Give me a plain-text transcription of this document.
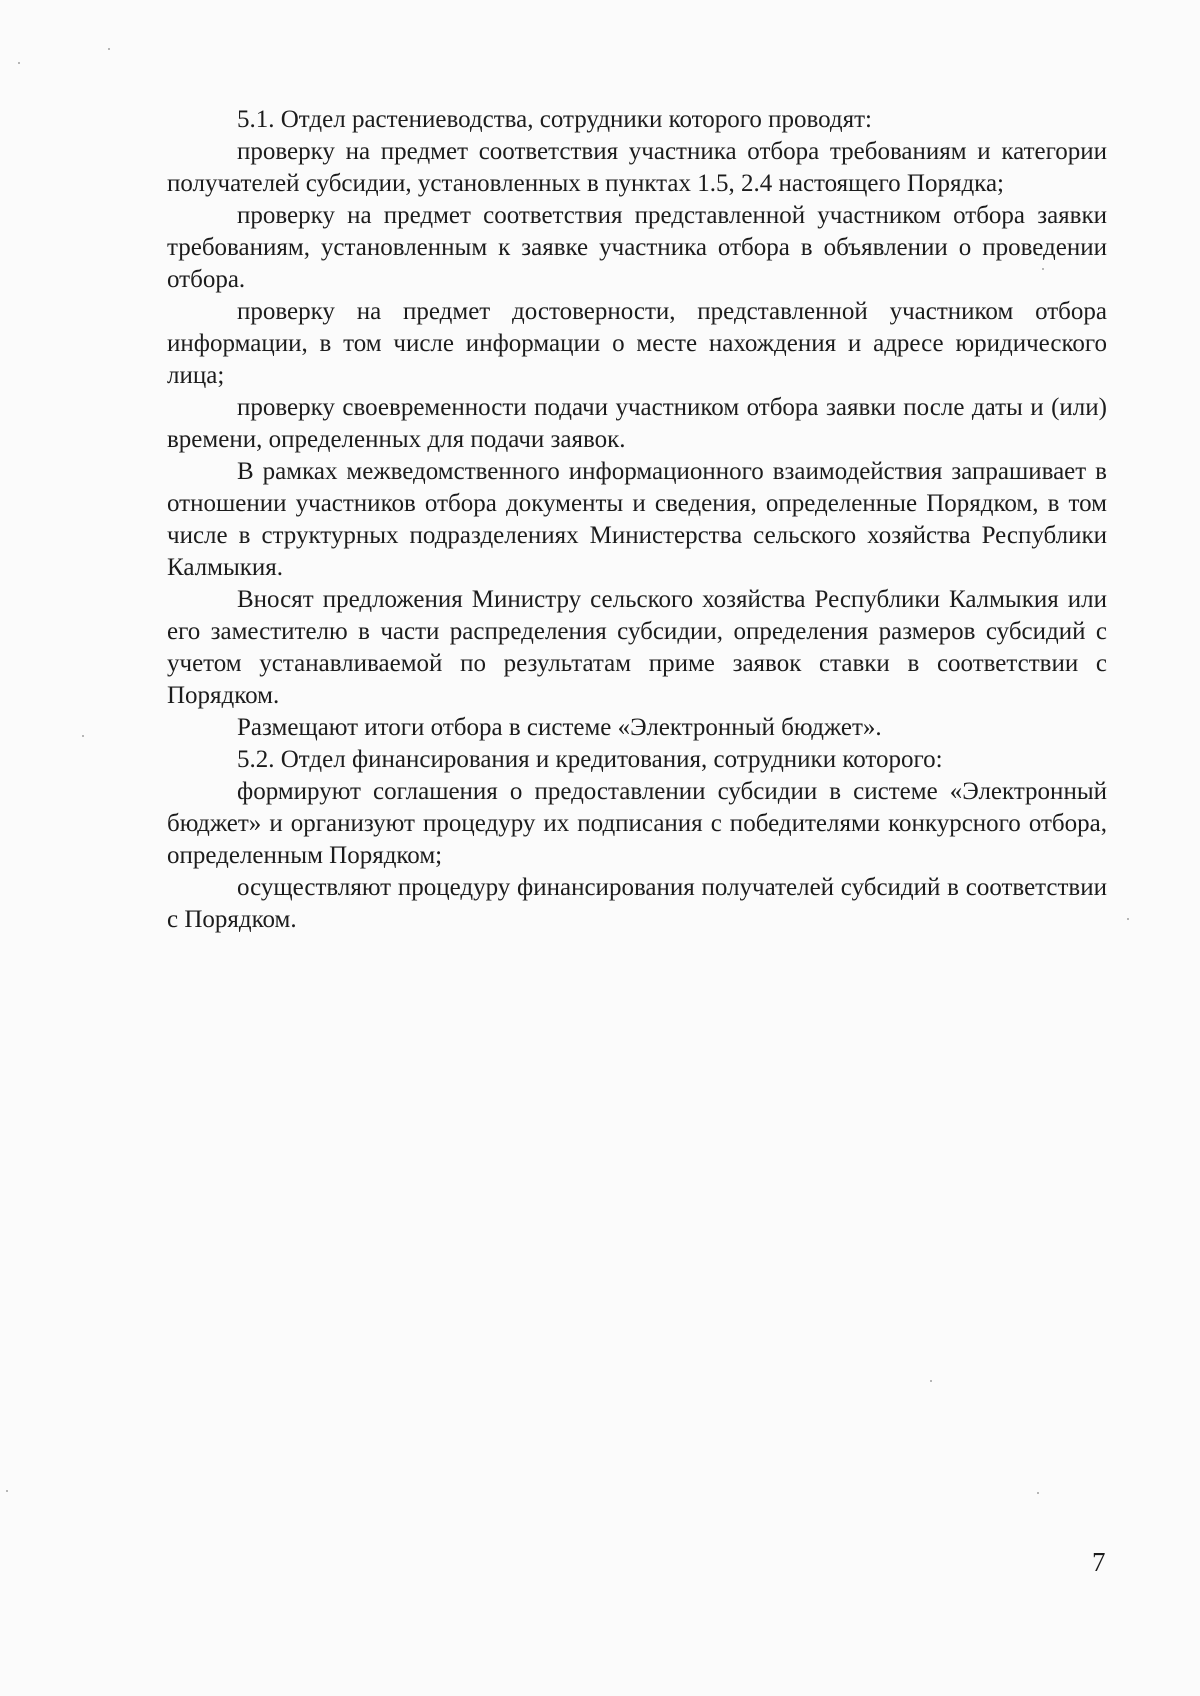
5.1. Отдел растениеводства, сотрудники которого проводят:

проверку на предмет соответствия участника отбора требованиям и категории получателей субсидии, установленных в пунктах 1.5, 2.4 настоящего Порядка;

проверку на предмет соответствия представленной участником отбора заявки требованиям, установленным к заявке участника отбора в объявлении о проведении отбора.

проверку на предмет достоверности, представленной участником отбора информации, в том числе информации о месте нахождения и адресе юридического лица;

проверку своевременности подачи участником отбора заявки после даты и (или) времени, определенных для подачи заявок.

В рамках межведомственного информационного взаимодействия запрашивает в отношении участников отбора документы и сведения, определенные Порядком, в том числе в структурных подразделениях Министерства сельского хозяйства Республики Калмыкия.

Вносят предложения Министру сельского хозяйства Республики Калмыкия или его заместителю в части распределения субсидии, определения размеров субсидий с учетом устанавливаемой по результатам приме заявок ставки в соответствии с Порядком.

Размещают итоги отбора в системе «Электронный бюджет».

5.2. Отдел финансирования и кредитования, сотрудники которого:

формируют соглашения о предоставлении субсидии в системе «Электронный бюджет» и организуют процедуру их подписания с победителями конкурсного отбора, определенным Порядком;

осуществляют процедуру финансирования получателей субсидий в соответствии с Порядком.

7
